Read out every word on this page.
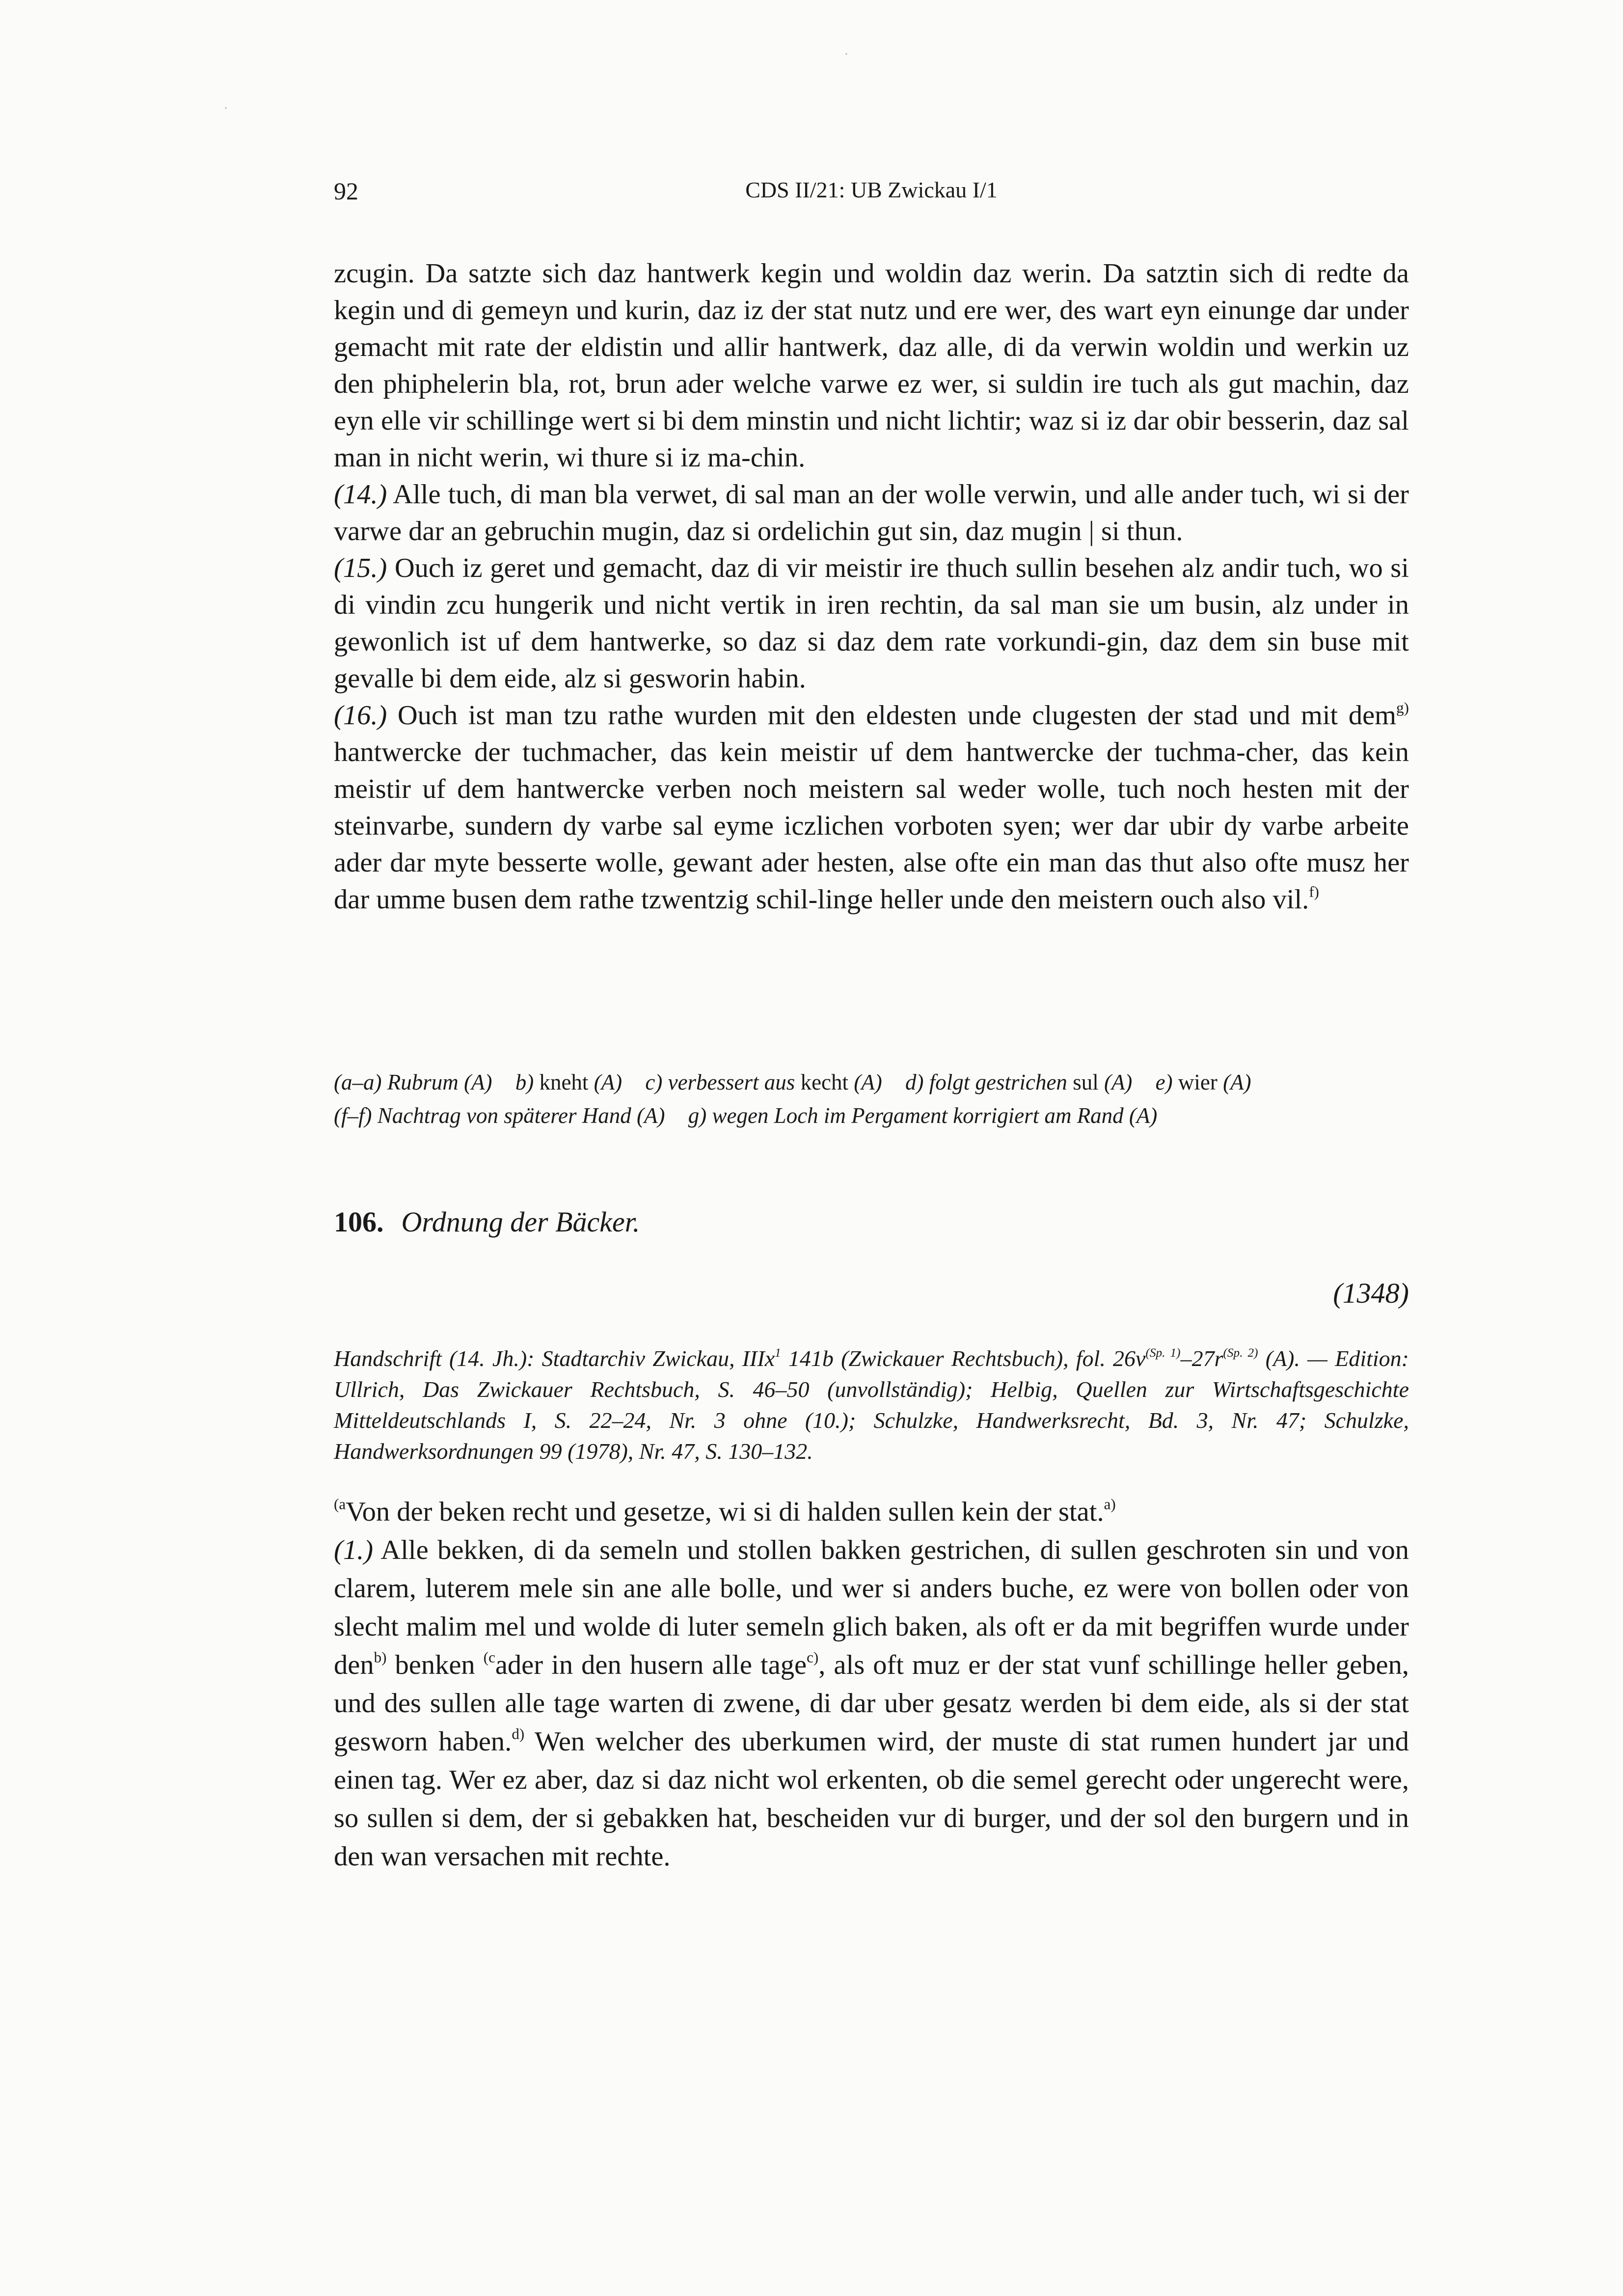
92	CDS II/21: UB Zwickau I/1

zcugin. Da satzte sich daz hantwerk kegin und woldin daz werin. Da satztin sich di redte da kegin und di gemeyn und kurin, daz iz der stat nutz und ere wer, des wart eyn einunge dar under gemacht mit rate der eldistin und allir hantwerk, daz alle, di da verwin woldin und werkin uz den phiphelerin bla, rot, brun ader welche varwe ez wer, si suldin ire tuch als gut machin, daz eyn elle vir schillinge wert si bi dem minstin und nicht lichtir; waz si iz dar obir besserin, daz sal man in nicht werin, wi thure si iz ma-chin.

(14.) Alle tuch, di man bla verwet, di sal man an der wolle verwin, und alle ander tuch, wi si der varwe dar an gebruchin mugin, daz si ordelichin gut sin, daz mugin | si thun.

(15.) Ouch iz geret und gemacht, daz di vir meistir ire thuch sullin besehen alz andir tuch, wo si di vindin zcu hungerik und nicht vertik in iren rechtin, da sal man sie um busin, alz under in gewonlich ist uf dem hantwerke, so daz si daz dem rate vorkundi-gin, daz dem sin buse mit gevalle bi dem eide, alz si gesworin habin.

(16.) Ouch ist man tzu rathe wurden mit den eldesten unde clugesten der stad und mit dem$^{g)}$ hantwercke der tuchmacher, das kein meistir uf dem hantwercke der tuchma-cher, das kein meistir uf dem hantwercke verben noch meistern sal weder wolle, tuch noch hesten mit der steinvarbe, sundern dy varbe sal eyme iczlichen vorboten syen; wer dar ubir dy varbe arbeite ader dar myte besserte wolle, gewant ader hesten, alse ofte ein man das thut also ofte musz her dar umme busen dem rathe tzwentzig schil-linge heller unde den meistern ouch also vil.$^{f)}$

(a–a) Rubrum (A) b) kneht (A) c) verbessert aus kecht (A) d) folgt gestrichen sul (A) e) wier (A)

(f–f) Nachtrag von späterer Hand (A) g) wegen Loch im Pergament korrigiert am Rand (A)

106. Ordnung der Bäcker.
(1348)

Handschrift (14. Jh.): Stadtarchiv Zwickau, IIIx$^1$ 141b (Zwickauer Rechtsbuch), fol. $26v^{(Sp. 1)}-27r^{(Sp. 2)}$ (A). — Edition: Ullrich, Das Zwickauer Rechtsbuch, S. 46–50 (unvollständig); Helbig, Quellen zur Wirtschaftsgeschichte Mitteldeutschlands I, S. 22–24, Nr. 3 ohne (10.); Schulzke, Handwerksrecht, Bd. 3, Nr. 47; Schulzke, Handwerksordnungen 99 (1978), Nr. 47, S. 130–132.

$^{(a}$Von der beken recht und gesetze, wi si di halden sullen kein der stat.$^{a)}$

(1.) Alle bekken, di da semeln und stollen bakken gestrichen, di sullen geschroten sin und von clarem, luterem mele sin ane alle bolle, und wer si anders buche, ez were von bollen oder von slecht malim mel und wolde di luter semeln glich baken, als oft er da mit begriffen wurde under den$^{b)}$ benken $^{(c}$ader in den husern alle tage$^{c)}$, als oft muz er der stat vunf schillinge heller geben, und des sullen alle tage warten di zwene, di dar uber gesatz werden bi dem eide, als si der stat gesworn haben.$^{d)}$ Wen welcher des uberkumen wird, der muste di stat rumen hundert jar und einen tag. Wer ez aber, daz si daz nicht wol erkenten, ob die semel gerecht oder ungerecht were, so sullen si dem, der si gebakken hat, bescheiden vur di burger, und der sol den burgern und in den wan versachen mit rechte.
